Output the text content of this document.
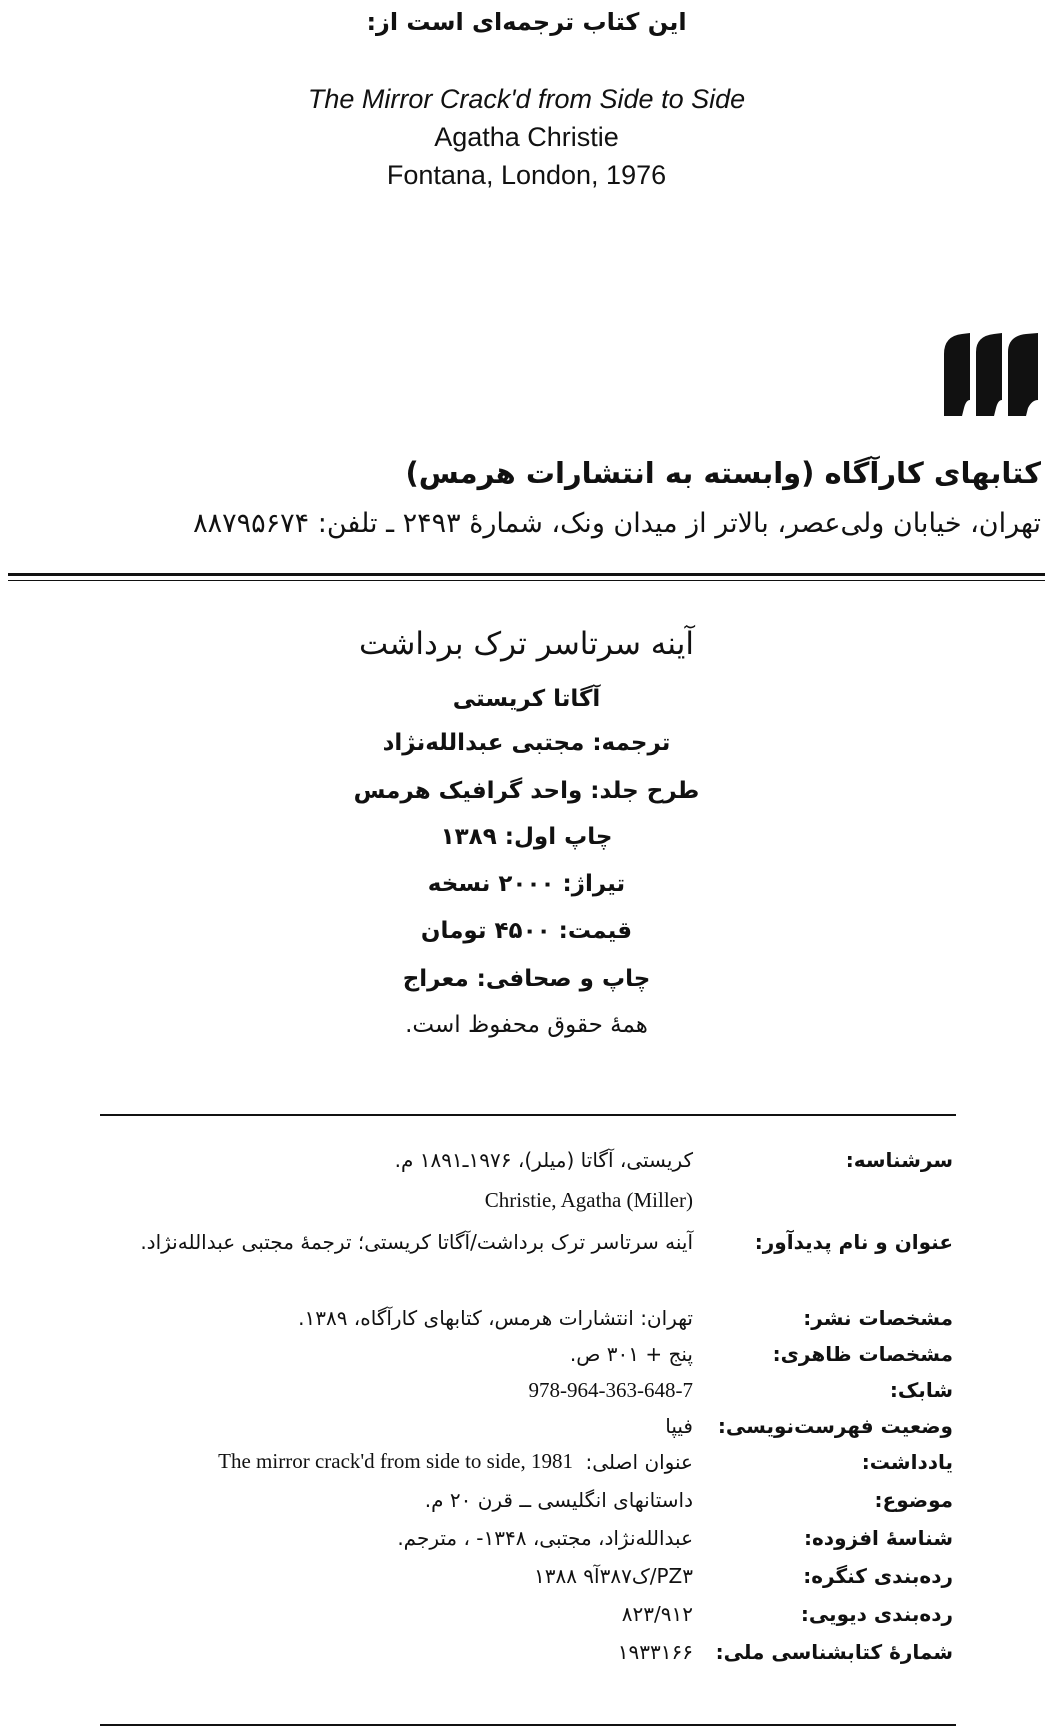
این کتاب ترجمه‌ای است از:
The Mirror Crack'd from Side to Side
Agatha Christie
Fontana, London, 1976
کتابهای کارآگاه (وابسته به انتشارات هرمس)
تهران، خیابان ولی‌عصر، بالاتر از میدان ونک، شمارهٔ ۲۴۹۳ ـ تلفن: ۸۸۷۹۵۶۷۴
آینه سرتاسر ترک برداشت
آگاتا کریستی
ترجمه: مجتبی عبدالله‌نژاد
طرح جلد: واحد گرافیک هرمس
چاپ اول: ۱۳۸۹
تیراژ: ۲۰۰۰ نسخه
قیمت: ۴۵۰۰ تومان
چاپ و صحافی: معراج
همهٔ حقوق محفوظ است.
سرشناسه:
کریستی، آگاتا (میلر)، ۱۹۷۶ـ۱۸۹۱ م.
Christie, Agatha (Miller)
عنوان و نام پدیدآور:
آینه سرتاسر ترک برداشت/آگاتا کریستی؛ ترجمهٔ مجتبی عبدالله‌نژاد.
مشخصات نشر:
تهران: انتشارات هرمس، کتابهای کارآگاه، ۱۳۸۹.
مشخصات ظاهری:
پنج + ۳۰۱ ص.
شابک:
978-964-363-648-7
وضعیت فهرست‌نویسی:
فیپا
یادداشت:
عنوان اصلی:
The mirror crack'd from side to side, 1981
موضوع:
داستانهای انگلیسی ــ قرن ۲۰ م.
شناسهٔ افزوده:
عبدالله‌نژاد، مجتبی، ۱۳۴۸- ، مترجم.
رده‌بندی کنگره:
PZ۳/ک۳۸۷آ۹ ۱۳۸۸
رده‌بندی دیویی:
۸۲۳/۹۱۲
شمارهٔ کتابشناسی ملی:
۱۹۳۳۱۶۶
